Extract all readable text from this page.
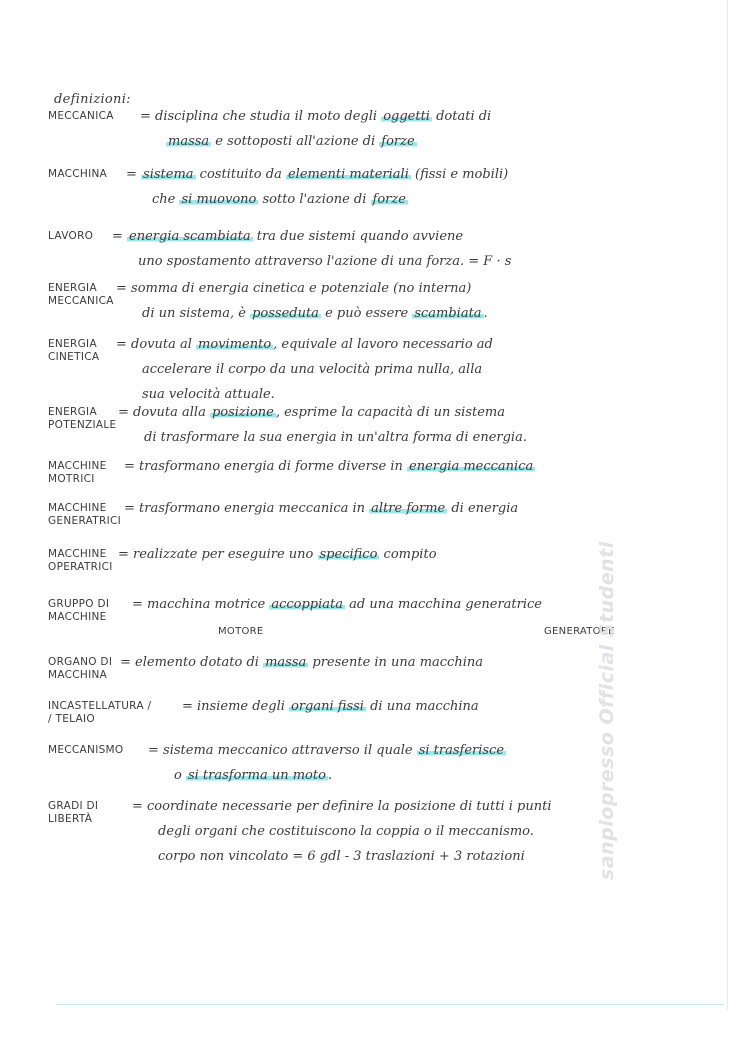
definizioni:
MECCANICA = disciplina che studia il moto degli oggetti dotati di
massa e sottoposti all'azione di forze
MACCHINA = sistema costituito da elementi materiali (fissi e mobili)
che si muovono sotto l'azione di forze
LAVORO = energia scambiata tra due sistemi quando avviene
uno spostamento attraverso l'azione di una forza. = F · s
ENERGIA
MECCANICA
= somma di energia cinetica e potenziale (no interna)
di un sistema, è posseduta e può essere scambiata .
ENERGIA
CINETICA
= dovuta al movimento , equivale al lavoro necessario ad
accelerare il corpo da una velocità prima nulla, alla
sua velocità attuale.
ENERGIA
POTENZIALE
= dovuta alla posizione , esprime la capacità di un sistema
di trasformare la sua energia in un'altra forma di energia.
MACCHINE
MOTRICI
= trasformano energia di forme diverse in energia meccanica
MACCHINE
GENERATRICI
= trasformano energia meccanica in altre forme di energia
MACCHINE
OPERATRICI
= realizzate per eseguire uno specifico compito
GRUPPO DI
MACCHINE
= macchina motrice accoppiata ad una macchina generatrice
MOTORE	GENERATORE
ORGANO DI
MACCHINA
= elemento dotato di massa presente in una macchina
INCASTELLATURA /
/ TELAIO
= insieme degli organi fissi di una macchina
MECCANISMO = sistema meccanico attraverso il quale si trasferisce
o si trasforma un moto .
GRADI DI
LIBERTÀ
= coordinate necessarie per definire la posizione di tutti i punti
degli organi che costituiscono la coppia o il meccanismo.
corpo non vincolato = 6 gdl - 3 traslazioni + 3 rotazioni	sanpiopresso Official Studenti
